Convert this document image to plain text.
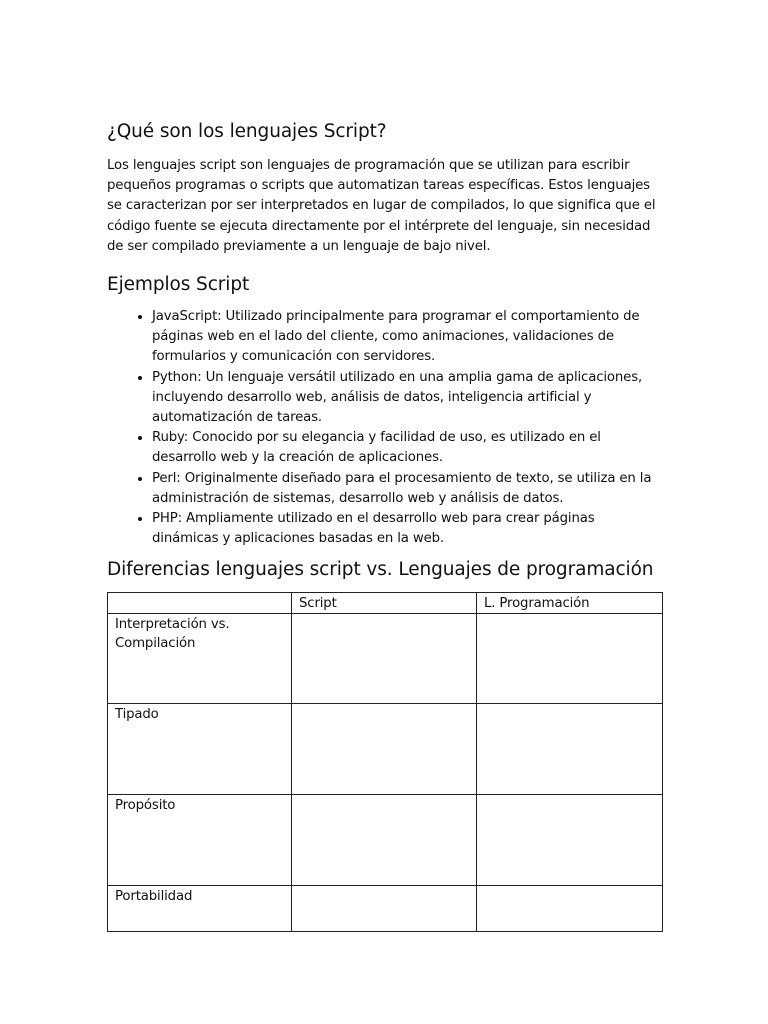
¿Qué son los lenguajes Script?

Los lenguajes script son lenguajes de programación que se utilizan para escribir pequeños programas o scripts que automatizan tareas específicas. Estos lenguajes se caracterizan por ser interpretados en lugar de compilados, lo que significa que el código fuente se ejecuta directamente por el intérprete del lenguaje, sin necesidad de ser compilado previamente a un lenguaje de bajo nivel.

Ejemplos Script
• JavaScript: Utilizado principalmente para programar el comportamiento de páginas web en el lado del cliente, como animaciones, validaciones de formularios y comunicación con servidores.
• Python: Un lenguaje versátil utilizado en una amplia gama de aplicaciones, incluyendo desarrollo web, análisis de datos, inteligencia artificial y automatización de tareas.
• Ruby: Conocido por su elegancia y facilidad de uso, es utilizado en el desarrollo web y la creación de aplicaciones.
• Perl: Originalmente diseñado para el procesamiento de texto, se utiliza en la administración de sistemas, desarrollo web y análisis de datos.
• PHP: Ampliamente utilizado en el desarrollo web para crear páginas dinámicas y aplicaciones basadas en la web.
Diferencias lenguajes script vs. Lenguajes de programación
	Script	L. Programación
Interpretación vs. Compilación		
Tipado		
Propósito		
Portabilidad		
